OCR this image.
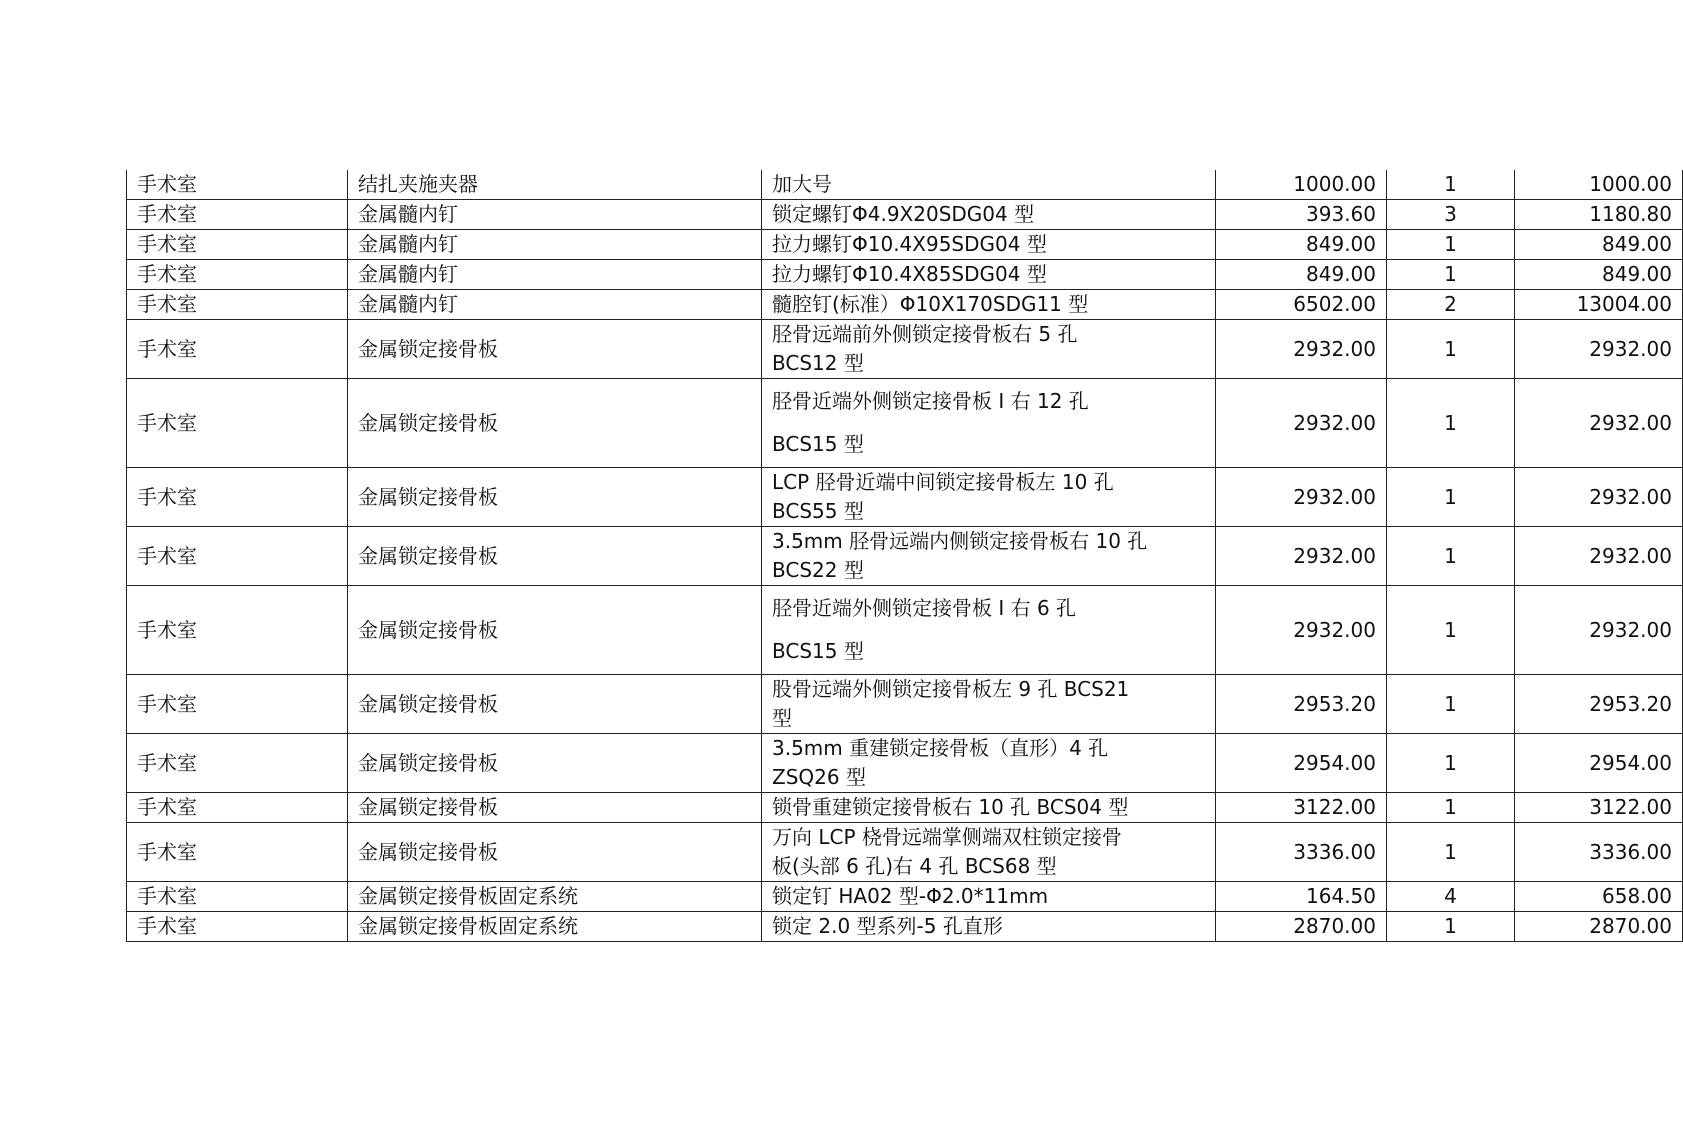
手术室	结扎夹施夹器	加大号	1000.00	1	1000.00
手术室	金属髓内钉	锁定螺钉Φ4.9X20SDG04 型	393.60	3	1180.80
手术室	金属髓内钉	拉力螺钉Φ10.4X95SDG04 型	849.00	1	849.00
手术室	金属髓内钉	拉力螺钉Φ10.4X85SDG04 型	849.00	1	849.00
手术室	金属髓内钉	髓腔钉(标准）Φ10X170SDG11 型	6502.00	2	13004.00
手术室	金属锁定接骨板	胫骨远端前外侧锁定接骨板右 5 孔
BCS12 型	2932.00	1	2932.00
手术室	金属锁定接骨板	胫骨近端外侧锁定接骨板 I 右 12 孔
BCS15 型	2932.00	1	2932.00
手术室	金属锁定接骨板	LCP 胫骨近端中间锁定接骨板左 10 孔
BCS55 型	2932.00	1	2932.00
手术室	金属锁定接骨板	3.5mm 胫骨远端内侧锁定接骨板右 10 孔
BCS22 型	2932.00	1	2932.00
手术室	金属锁定接骨板	胫骨近端外侧锁定接骨板 I 右 6 孔
BCS15 型	2932.00	1	2932.00
手术室	金属锁定接骨板	股骨远端外侧锁定接骨板左 9 孔 BCS21
型	2953.20	1	2953.20
手术室	金属锁定接骨板	3.5mm 重建锁定接骨板（直形）4 孔
ZSQ26 型	2954.00	1	2954.00
手术室	金属锁定接骨板	锁骨重建锁定接骨板右 10 孔 BCS04 型	3122.00	1	3122.00
手术室	金属锁定接骨板	万向 LCP 桡骨远端掌侧端双柱锁定接骨
板(头部 6 孔)右 4 孔 BCS68 型	3336.00	1	3336.00
手术室	金属锁定接骨板固定系统	锁定钉 HA02 型-Φ2.0*11mm	164.50	4	658.00
手术室	金属锁定接骨板固定系统	锁定 2.0 型系列-5 孔直形	2870.00	1	2870.00
